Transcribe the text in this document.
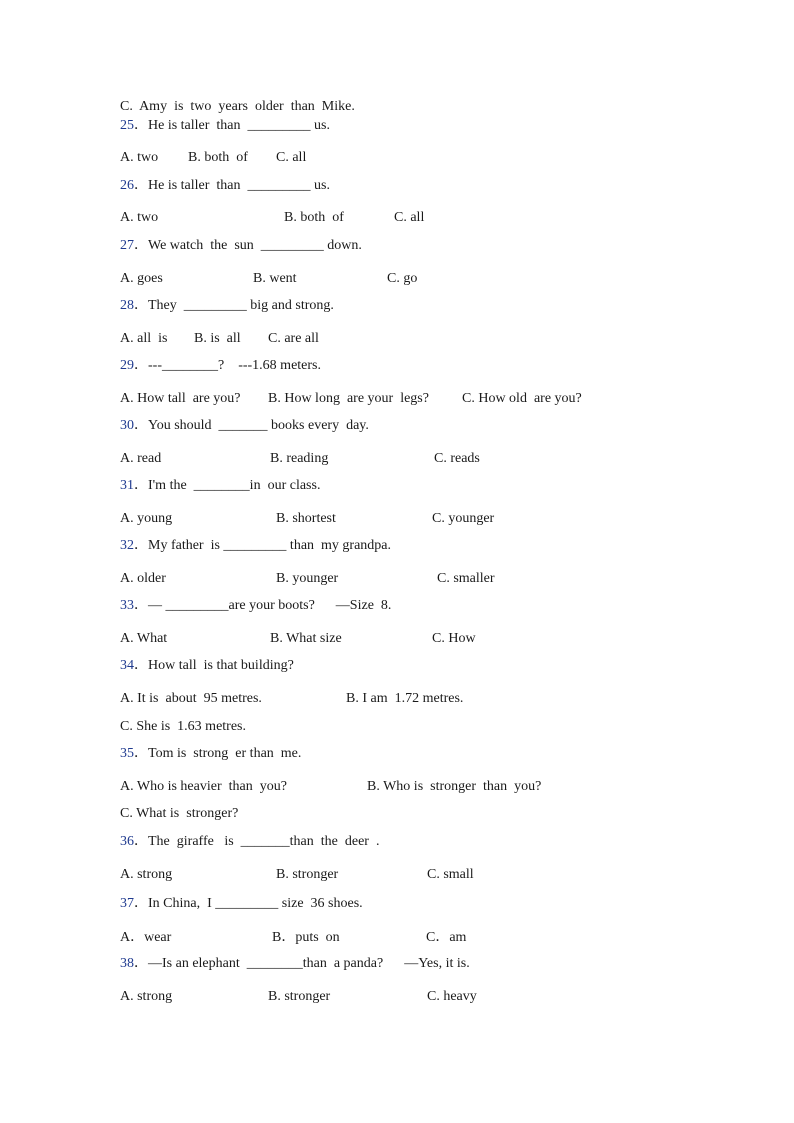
C.  Amy  is  two  years  older  than  Mike.
25．He is taller  than  _________ us.
A. two B. both  of C. all
26．He is taller  than  _________ us.
A. two	B. both  of	C. all
27．We watch  the  sun  _________ down.
A. goes	B. went	C. go
28．They  _________ big and strong.
A. all  is B. is  all C. are all
29．---________?    ---1.68 meters.
A. How tall  are you? B. How long  are your  legs? C. How old  are you?
30．You should  _______ books every  day.
A. read	B. reading	C. reads
31．I'm the  ________in  our class.
A. young	B. shortest	C. younger
32．My father  is _________ than  my grandpa.
A. older	B. younger	C. smaller
33．— _________are your boots?      —Size  8.
A. What	B. What size	C. How
34．How tall  is that building?
A. It is  about  95 metres.	B. I am  1.72 metres.
C. She is  1.63 metres.
35．Tom is  strong  er than  me.
A. Who is heavier  than  you?	B. Who is  stronger  than  you?
C. What is  stronger?
36．The  giraffe   is  _______than  the  deer  .
A. strong	B. stronger	C. small
37．In China,  I _________ size  36 shoes.
A．wear	B．puts  on	C．am
38．—Is an elephant  ________than  a panda?      —Yes, it is.
A. strong	B. stronger	C. heavy
